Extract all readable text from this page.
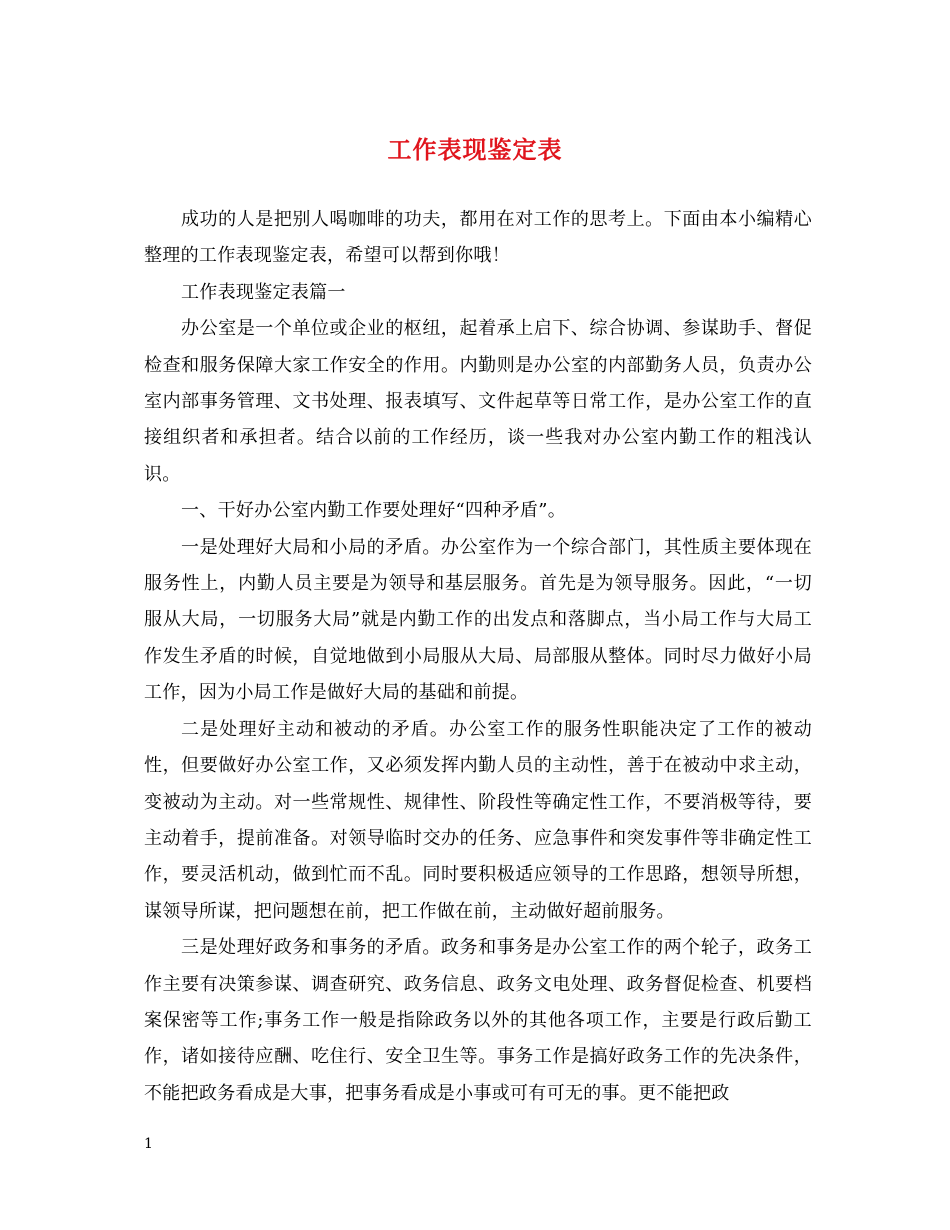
工作表现鉴定表

成功的人是把别人喝咖啡的功夫，都用在对工作的思考上。下面由本小编精心整理的工作表现鉴定表，希望可以帮到你哦！

工作表现鉴定表篇一

办公室是一个单位或企业的枢纽，起着承上启下、综合协调、参谋助手、督促检查和服务保障大家工作安全的作用。内勤则是办公室的内部勤务人员，负责办公室内部事务管理、文书处理、报表填写、文件起草等日常工作，是办公室工作的直接组织者和承担者。结合以前的工作经历，谈一些我对办公室内勤工作的粗浅认识。

一、干好办公室内勤工作要处理好“四种矛盾”。

一是处理好大局和小局的矛盾。办公室作为一个综合部门，其性质主要体现在服务性上，内勤人员主要是为领导和基层服务。首先是为领导服务。因此，“一切服从大局，一切服务大局”就是内勤工作的出发点和落脚点，当小局工作与大局工作发生矛盾的时候，自觉地做到小局服从大局、局部服从整体。同时尽力做好小局工作，因为小局工作是做好大局的基础和前提。

二是处理好主动和被动的矛盾。办公室工作的服务性职能决定了工作的被动性，但要做好办公室工作，又必须发挥内勤人员的主动性，善于在被动中求主动，变被动为主动。对一些常规性、规律性、阶段性等确定性工作，不要消极等待，要主动着手，提前准备。对领导临时交办的任务、应急事件和突发事件等非确定性工作，要灵活机动，做到忙而不乱。同时要积极适应领导的工作思路，想领导所想，谋领导所谋，把问题想在前，把工作做在前，主动做好超前服务。

三是处理好政务和事务的矛盾。政务和事务是办公室工作的两个轮子，政务工作主要有决策参谋、调查研究、政务信息、政务文电处理、政务督促检查、机要档案保密等工作;事务工作一般是指除政务以外的其他各项工作，主要是行政后勤工作，诸如接待应酬、吃住行、安全卫生等。事务工作是搞好政务工作的先决条件，不能把政务看成是大事，把事务看成是小事或可有可无的事。更不能把政

1
